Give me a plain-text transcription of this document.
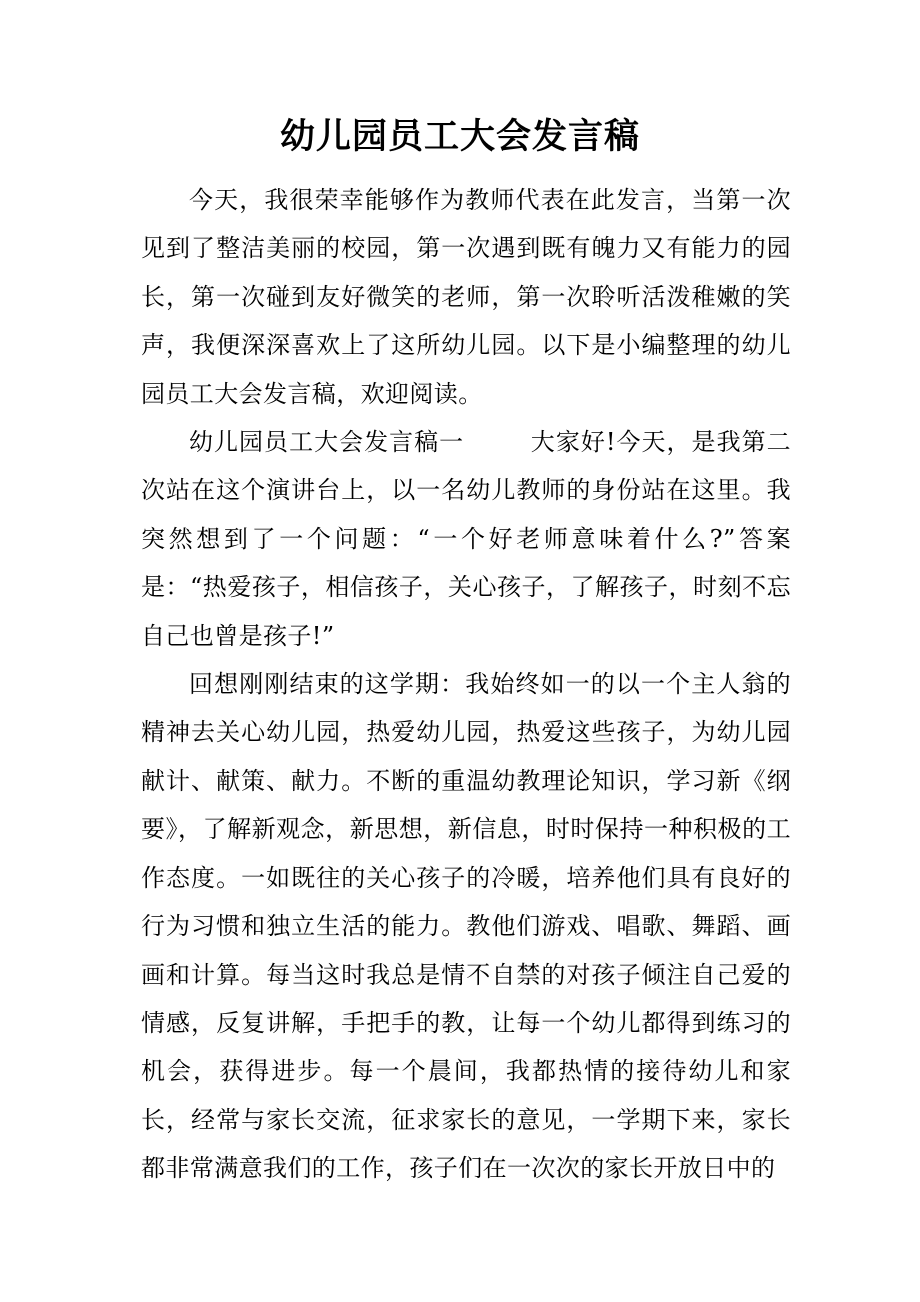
幼儿园员工大会发言稿

今天，我很荣幸能够作为教师代表在此发言，当第一次见到了整洁美丽的校园，第一次遇到既有魄力又有能力的园长，第一次碰到友好微笑的老师，第一次聆听活泼稚嫩的笑声，我便深深喜欢上了这所幼儿园。以下是小编整理的幼儿园员工大会发言稿，欢迎阅读。

幼儿园员工大会发言稿一	大家好!今天，是我第二次站在这个演讲台上，以一名幼儿教师的身份站在这里。我突然想到了一个问题：“一个好老师意味着什么?”答案是：“热爱孩子，相信孩子，关心孩子，了解孩子，时刻不忘自己也曾是孩子!”

回想刚刚结束的这学期：我始终如一的以一个主人翁的精神去关心幼儿园，热爱幼儿园，热爱这些孩子，为幼儿园献计、献策、献力。不断的重温幼教理论知识，学习新《纲要》，了解新观念，新思想，新信息，时时保持一种积极的工作态度。一如既往的关心孩子的冷暖，培养他们具有良好的行为习惯和独立生活的能力。教他们游戏、唱歌、舞蹈、画画和计算。每当这时我总是情不自禁的对孩子倾注自己爱的情感，反复讲解，手把手的教，让每一个幼儿都得到练习的机会，获得进步。每一个晨间，我都热情的接待幼儿和家长，经常与家长交流，征求家长的意见，一学期下来，家长都非常满意我们的工作，孩子们在一次次的家长开放日中的
